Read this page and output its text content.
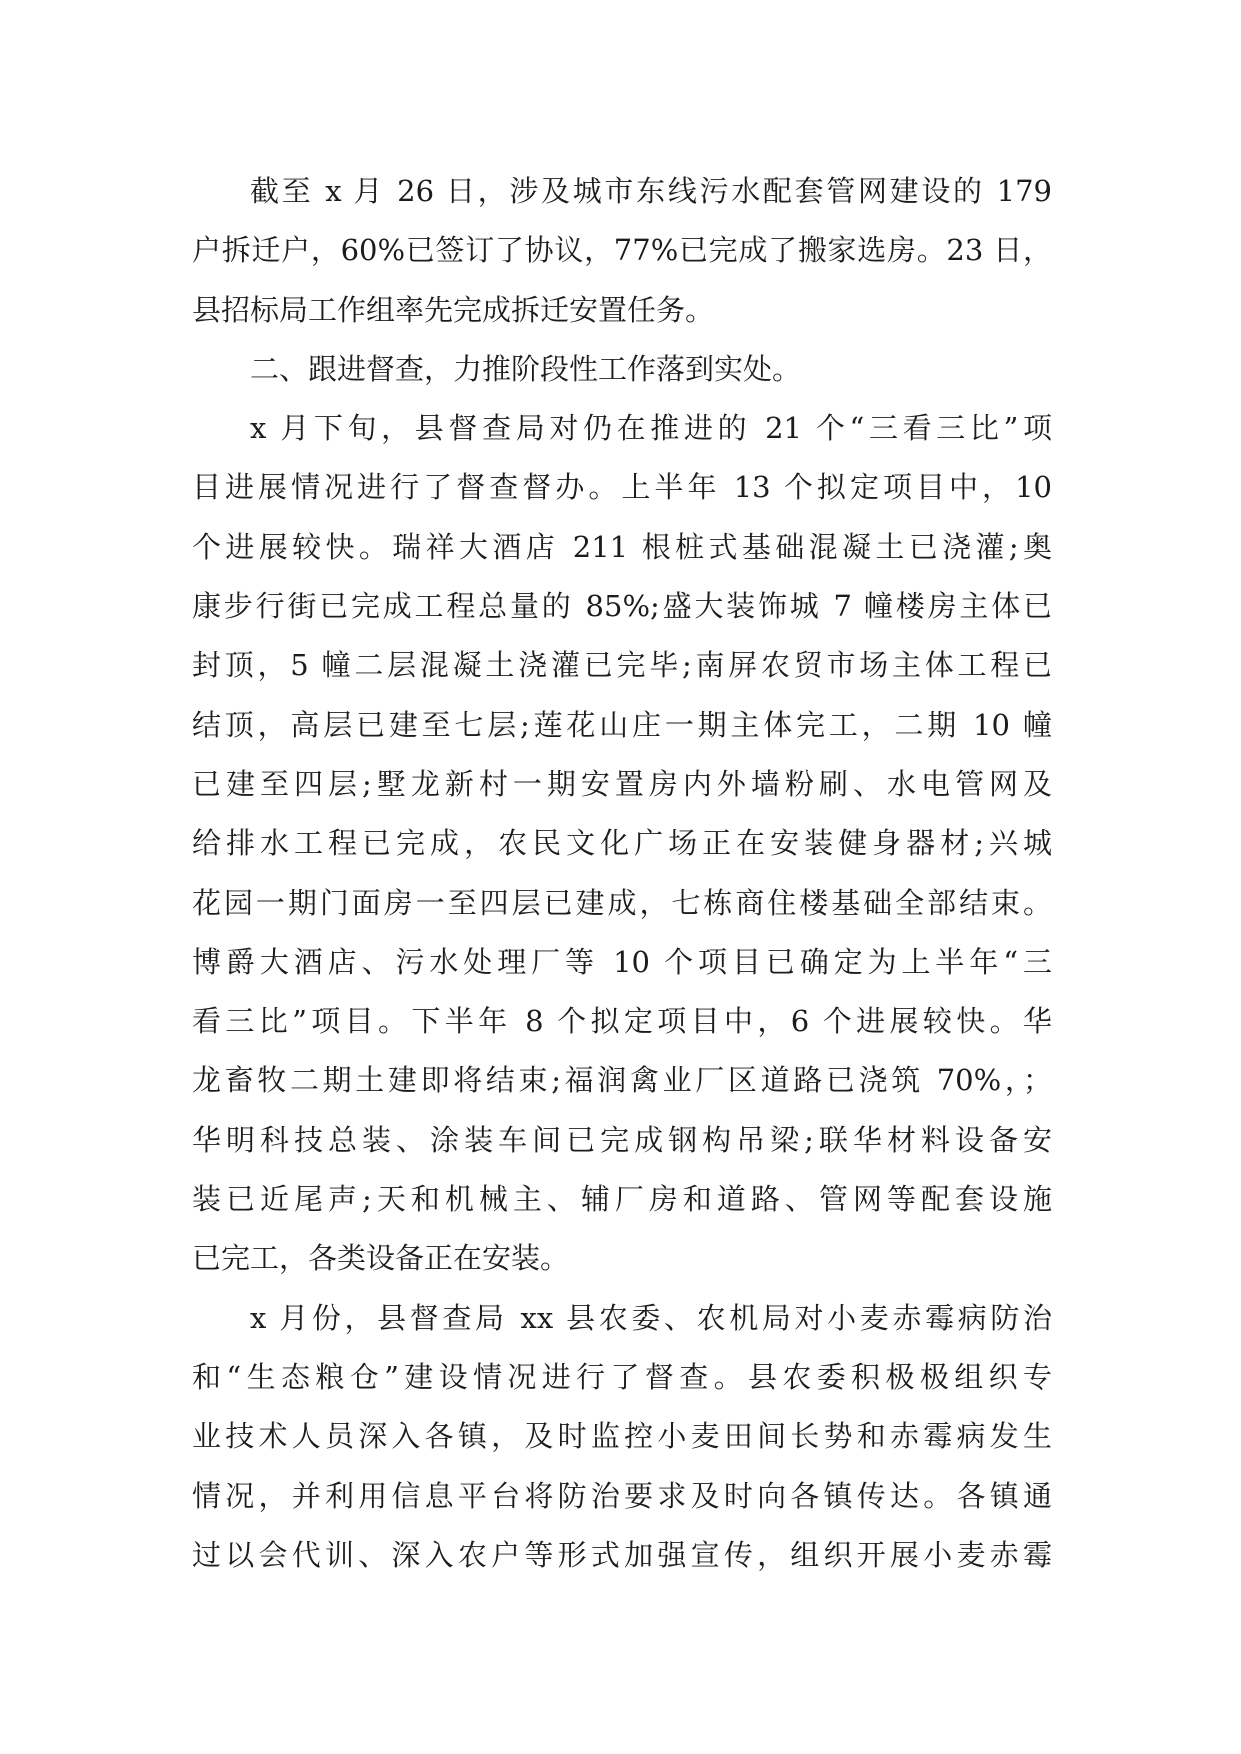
截至 x 月 26 日，涉及城市东线污水配套管网建设的 179
户拆迁户，60%已签订了协议，77%已完成了搬家选房。23 日，
县招标局工作组率先完成拆迁安置任务。
二、跟进督查，力推阶段性工作落到实处。
x 月下旬，县督查局对仍在推进的 21 个“三看三比”项
目进展情况进行了督查督办。上半年 13 个拟定项目中，10
个进展较快。瑞祥大酒店 211 根桩式基础混凝土已浇灌;奥
康步行街已完成工程总量的 85%;盛大装饰城 7 幢楼房主体已
封顶，5 幢二层混凝土浇灌已完毕;南屏农贸市场主体工程已
结顶，高层已建至七层;莲花山庄一期主体完工，二期 10 幢
已建至四层;墅龙新村一期安置房内外墙粉刷、水电管网及
给排水工程已完成，农民文化广场正在安装健身器材;兴城
花园一期门面房一至四层已建成，七栋商住楼基础全部结束。
博爵大酒店、污水处理厂等 10 个项目已确定为上半年“三
看三比”项目。下半年 8 个拟定项目中，6 个进展较快。华
龙畜牧二期土建即将结束;福润禽业厂区道路已浇筑 70%，；
华明科技总装、涂装车间已完成钢构吊梁;联华材料设备安
装已近尾声;天和机械主、辅厂房和道路、管网等配套设施
已完工，各类设备正在安装。
x 月份，县督查局 xx 县农委、农机局对小麦赤霉病防治
和“生态粮仓”建设情况进行了督查。县农委积极极组织专
业技术人员深入各镇，及时监控小麦田间长势和赤霉病发生
情况，并利用信息平台将防治要求及时向各镇传达。各镇通
过以会代训、深入农户等形式加强宣传，组织开展小麦赤霉
